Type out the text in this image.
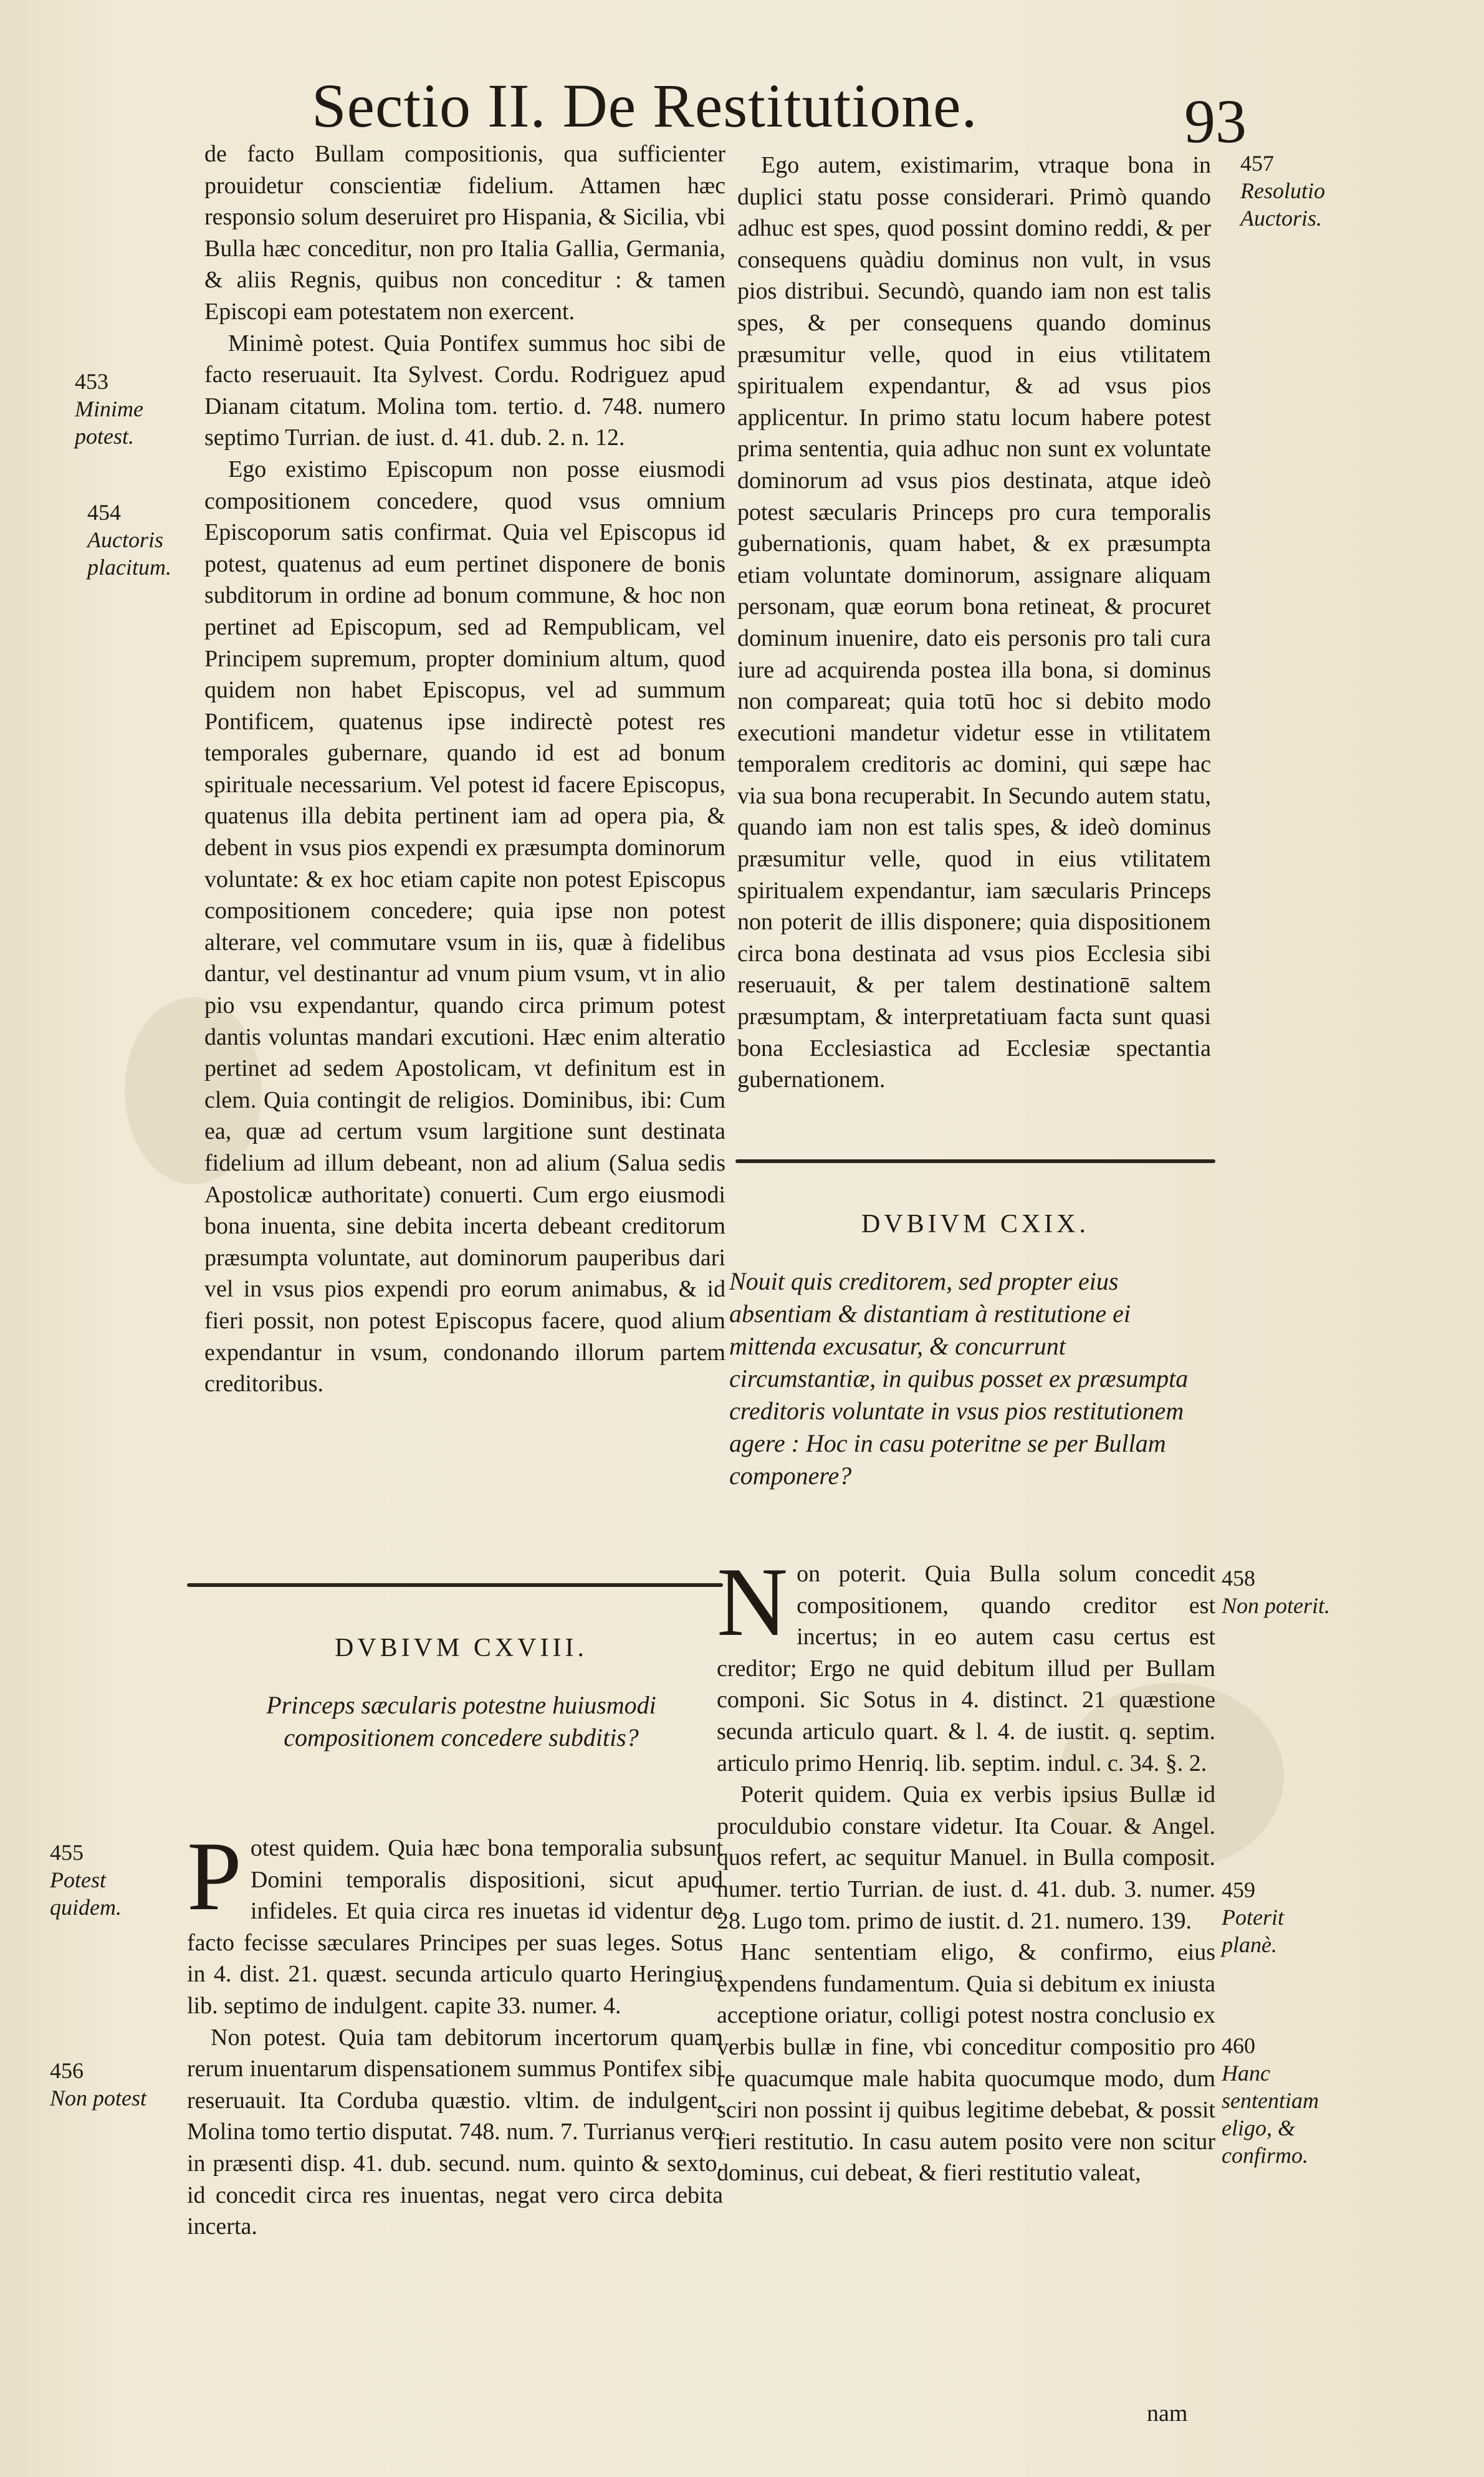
Sectio II. De Restitutione.	93

de facto Bullam compositionis, qua sufficienter prouidetur conscientiæ fidelium. Attamen hæc responsio solum deseruiret pro Hispania, & Sicilia, vbi Bulla hæc conceditur, non pro Italia Gallia, Germania, & aliis Regnis, quibus non conceditur : & tamen Episcopi eam potestatem non exercent.

Minimè potest. Quia Pontifex summus hoc sibi de facto reseruauit. Ita Sylvest. Cordu. Rodriguez apud Dianam citatum. Molina tom. tertio. d. 748. numero septimo Turrian. de iust. d. 41. dub. 2. n. 12.

Ego existimo Episcopum non posse eiusmodi compositionem concedere, quod vsus omnium Episcoporum satis confirmat. Quia vel Episcopus id potest, quatenus ad eum pertinet disponere de bonis subditorum in ordine ad bonum commune, & hoc non pertinet ad Episcopum, sed ad Rempublicam, vel Principem supremum, propter dominium altum, quod quidem non habet Episcopus, vel ad summum Pontificem, quatenus ipse indirectè potest res temporales gubernare, quando id est ad bonum spirituale necessarium. Vel potest id facere Episcopus, quatenus illa debita pertinent iam ad opera pia, & debent in vsus pios expendi ex præsumpta dominorum voluntate: & ex hoc etiam capite non potest Episcopus compositionem concedere; quia ipse non potest alterare, vel commutare vsum in iis, quæ à fidelibus dantur, vel destinantur ad vnum pium vsum, vt in alio pio vsu expendantur, quando circa primum potest dantis voluntas mandari excutioni. Hæc enim alteratio pertinet ad sedem Apostolicam, vt definitum est in clem. Quia contingit de religios. Dominibus, ibi: Cum ea, quæ ad certum vsum largitione sunt destinata fidelium ad illum debeant, non ad alium (Salua sedis Apostolicæ authoritate) conuerti. Cum ergo eiusmodi bona inuenta, sine debita incerta debeant creditorum præsumpta voluntate, aut dominorum pauperibus dari vel in vsus pios expendi pro eorum animabus, & id fieri possit, non potest Episcopus facere, quod alium expendantur in vsum, condonando illorum partem creditoribus.

DVBIVM CXVIII.
Princeps sæcularis potestne huiusmodi compositionem concedere subditis?

Potest quidem. Quia hæc bona temporalia subsunt Domini temporalis dispositioni, sicut apud infideles. Et quia circa res inuetas id videntur de facto fecisse sæculares Principes per suas leges. Sotus in 4. dist. 21. quæst. secunda articulo quarto Heringius lib. septimo de indulgent. capite 33. numer. 4.

Non potest. Quia tam debitorum incertorum quam rerum inuentarum dispensationem summus Pontifex sibi reseruauit. Ita Corduba quæstio. vltim. de indulgent. Molina tomo tertio disputat. 748. num. 7. Turrianus vero in præsenti disp. 41. dub. secund. num. quinto & sexto. id concedit circa res inuentas, negat vero circa debita incerta.

Ego autem, existimarim, vtraque bona in duplici statu posse considerari. Primò quando adhuc est spes, quod possint domino reddi, & per consequens quàdiu dominus non vult, in vsus pios distribui. Secundò, quando iam non est talis spes, & per consequens quando dominus præsumitur velle, quod in eius vtilitatem spiritualem expendantur, & ad vsus pios applicentur. In primo statu locum habere potest prima sententia, quia adhuc non sunt ex voluntate dominorum ad vsus pios destinata, atque ideò potest sæcularis Princeps pro cura temporalis gubernationis, quam habet, & ex præsumpta etiam voluntate dominorum, assignare aliquam personam, quæ eorum bona retineat, & procuret dominum inuenire, dato eis personis pro tali cura iure ad acquirenda postea illa bona, si dominus non compareat; quia totū hoc si debito modo executioni mandetur videtur esse in vtilitatem temporalem creditoris ac domini, qui sæpe hac via sua bona recuperabit. In Secundo autem statu, quando iam non est talis spes, & ideò dominus præsumitur velle, quod in eius vtilitatem spiritualem expendantur, iam sæcularis Princeps non poterit de illis disponere; quia dispositionem circa bona destinata ad vsus pios Ecclesia sibi reseruauit, & per talem destinationē saltem præsumptam, & interpretatiuam facta sunt quasi bona Ecclesiastica ad Ecclesiæ spectantia gubernationem.

DVBIVM CXIX.
Nouit quis creditorem, sed propter eius absentiam & distantiam à restitutione ei mittenda excusatur, & concurrunt circumstantiæ, in quibus posset ex præsumpta creditoris voluntate in vsus pios restitutionem agere : Hoc in casu poteritne se per Bullam componere?

Non poterit. Quia Bulla solum concedit compositionem, quando creditor est incertus; in eo autem casu certus est creditor; Ergo ne quid debitum illud per Bullam componi. Sic Sotus in 4. distinct. 21 quæstione secunda articulo quart. & l. 4. de iustit. q. septim. articulo primo Henriq. lib. septim. indul. c. 34. §. 2.

Poterit quidem. Quia ex verbis ipsius Bullæ id proculdubio constare videtur. Ita Couar. & Angel. quos refert, ac sequitur Manuel. in Bulla composit. numer. tertio Turrian. de iust. d. 41. dub. 3. numer. 28. Lugo tom. primo de iustit. d. 21. numero. 139.

Hanc sententiam eligo, & confirmo, eius expendens fundamentum. Quia si debitum ex iniusta acceptione oriatur, colligi potest nostra conclusio ex verbis bullæ in fine, vbi conceditur compositio pro re quacumque male habita quocumque modo, dum sciri non possint ij quibus legitime debebat, & possit fieri restitutio. In casu autem posito vere non scitur dominus, cui debeat, & fieri restitutio valeat,

nam
453
Minime potest.
454
Auctoris placitum.
455
Potest quidem.
456
Non potest
457
Resolutio Auctoris.
458
Non poterit.
459
Poterit planè.
460
Hanc sententiam eligo, & confirmo.
